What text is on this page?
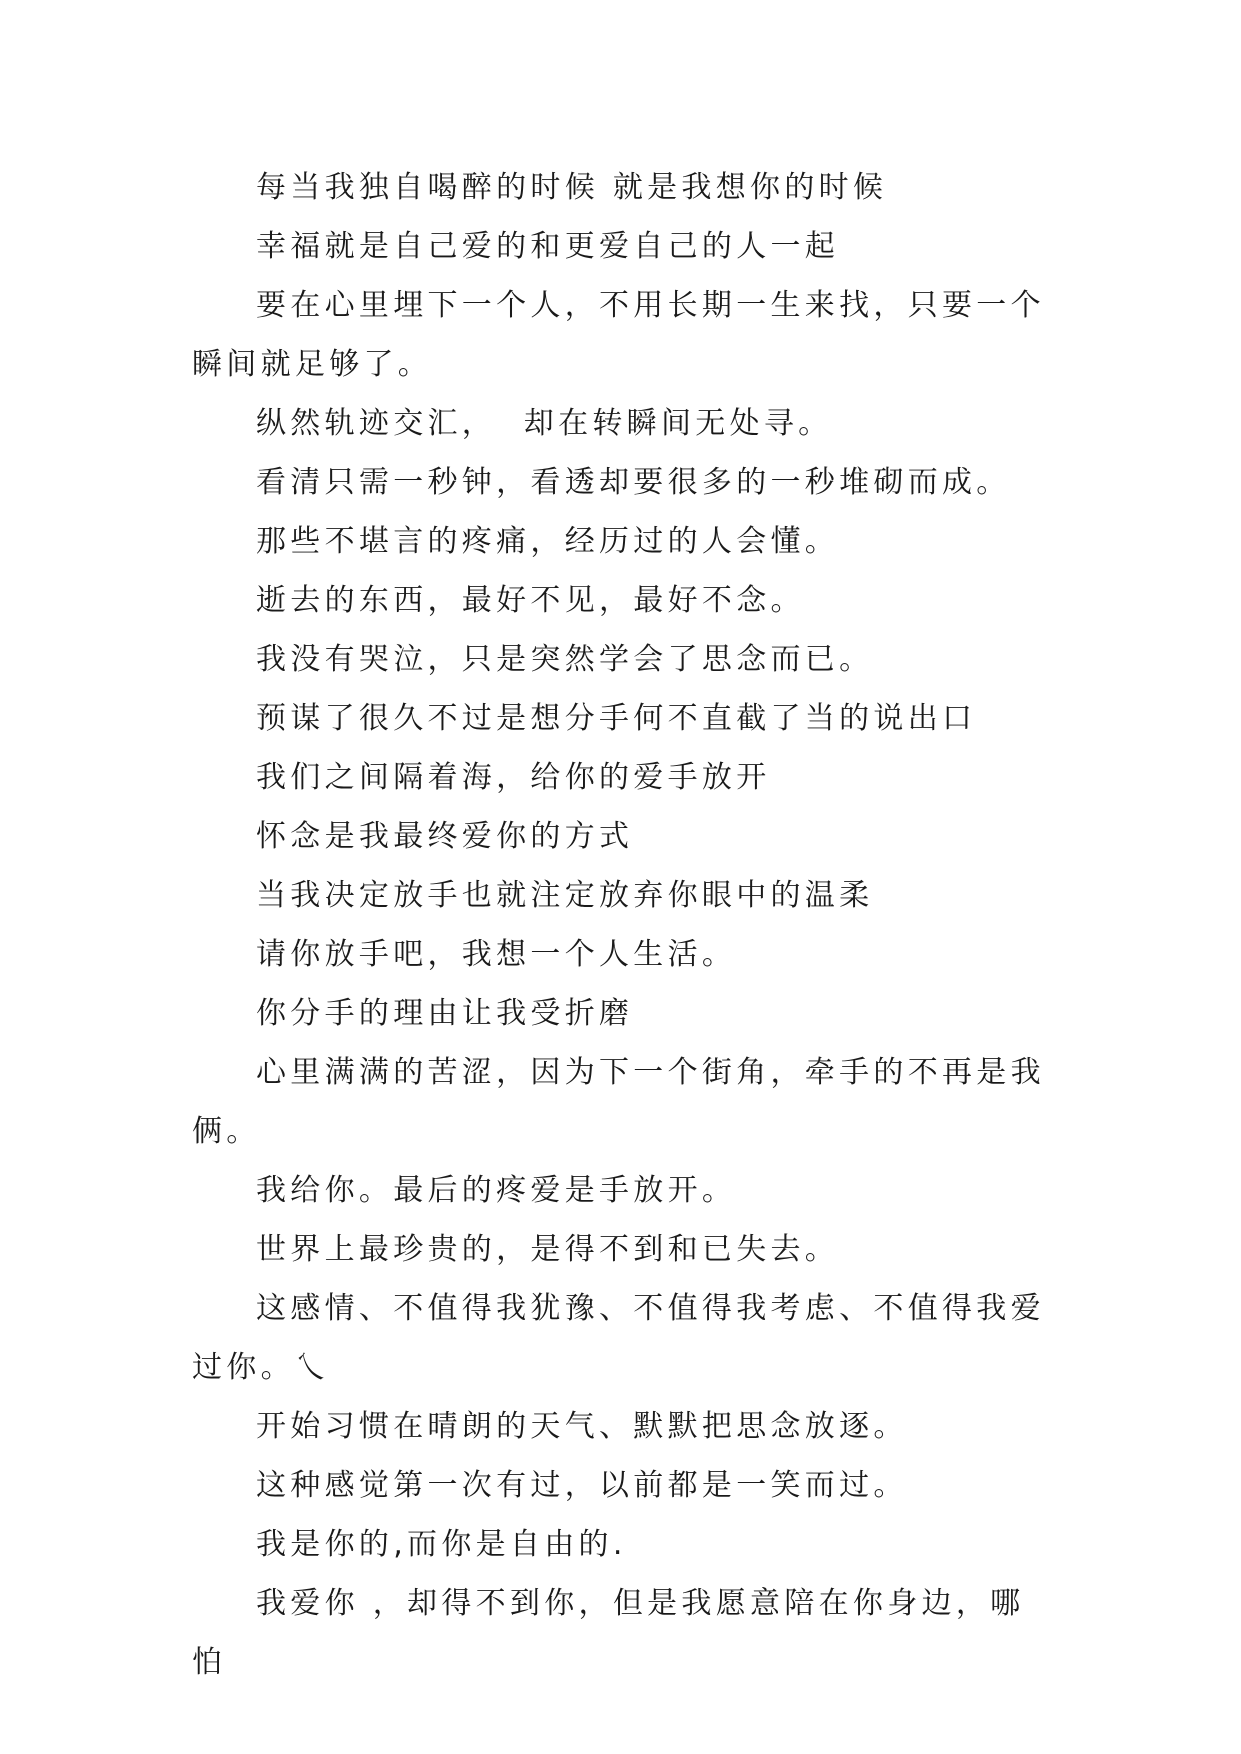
每当我独自喝醉的时候 就是我想你的时候

幸福就是自己爱的和更爱自己的人一起

要在心里埋下一个人，不用长期一生来找，只要一个瞬间就足够了。

纵然轨迹交汇，  却在转瞬间无处寻。

看清只需一秒钟，看透却要很多的一秒堆砌而成。

那些不堪言的疼痛，经历过的人会懂。

逝去的东西，最好不见，最好不念。

我没有哭泣，只是突然学会了思念而已。

预谋了很久不过是想分手何不直截了当的说出口

我们之间隔着海，给你的爱手放开

怀念是我最终爱你的方式

当我决定放手也就注定放弃你眼中的温柔

请你放手吧，我想一个人生活。

你分手的理由让我受折磨

心里满满的苦涩，因为下一个街角，牵手的不再是我俩。

我给你。最后的疼爱是手放开。

世界上最珍贵的，是得不到和已失去。

这感情、不值得我犹豫、不值得我考虑、不值得我爱过你。乀

开始习惯在晴朗的天气、默默把思念放逐。

这种感觉第一次有过，以前都是一笑而过。

我是你的,而你是自由的.

我爱你 ，却得不到你，但是我愿意陪在你身边，哪怕
